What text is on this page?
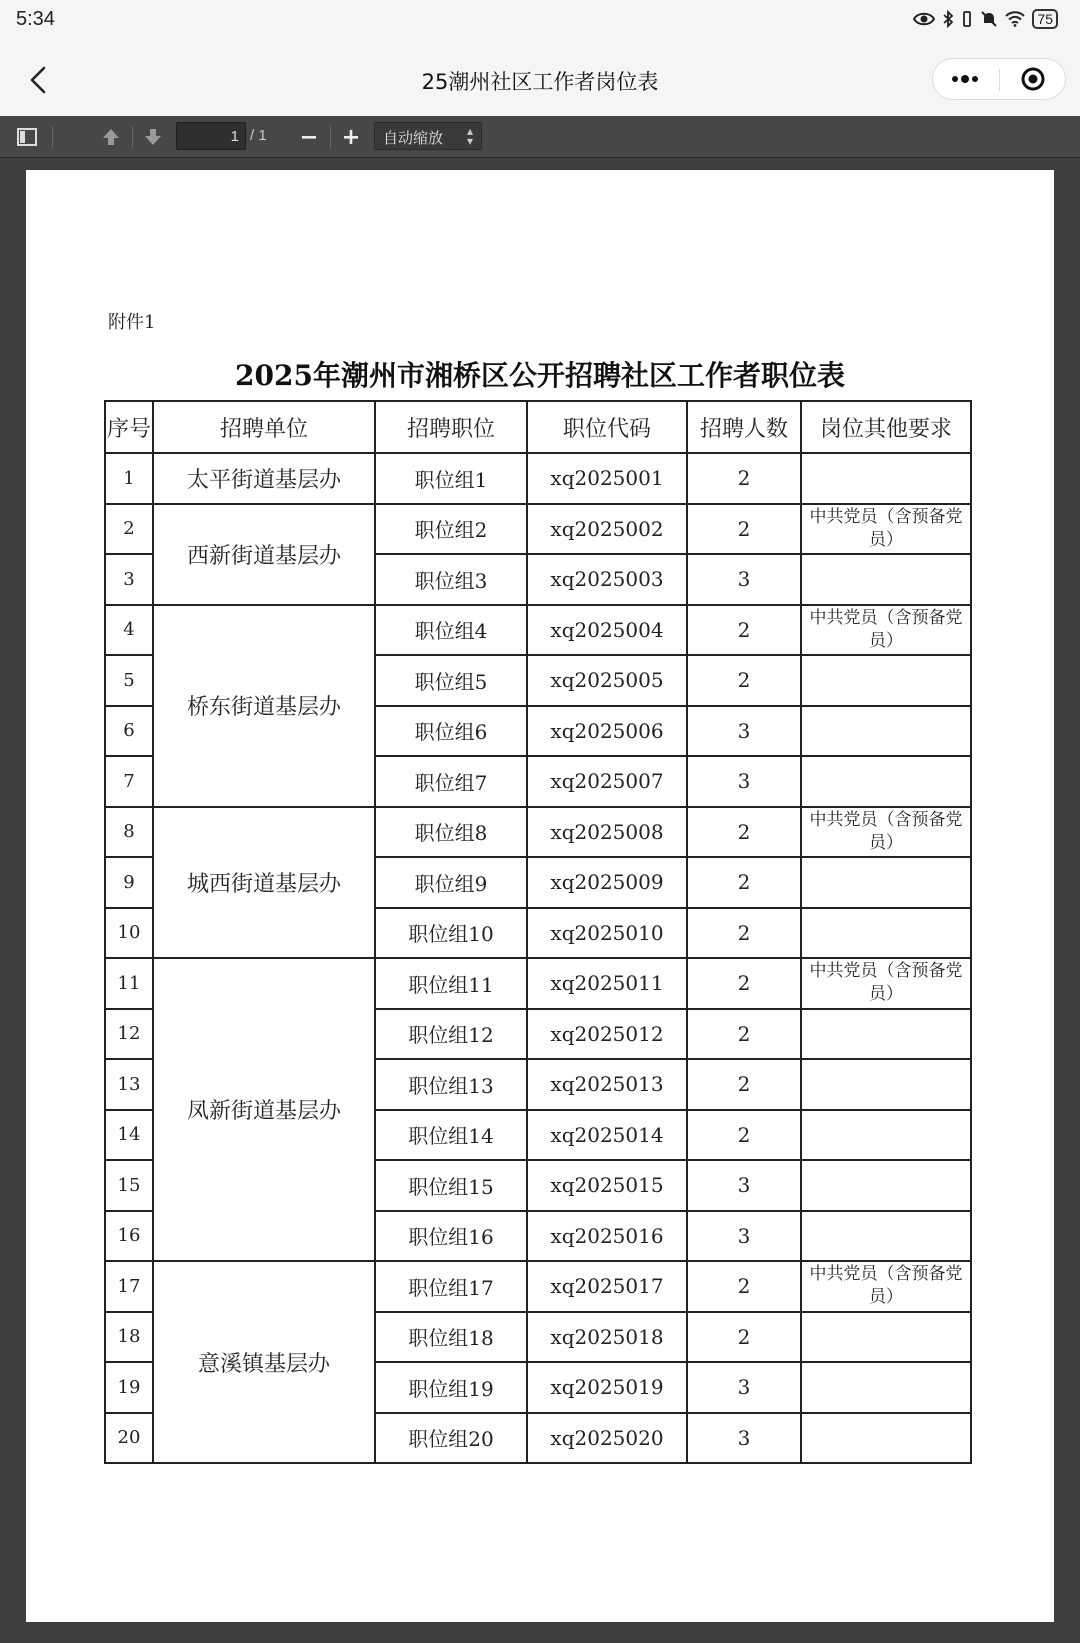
5:34	75
25潮州社区工作者岗位表
1
/ 1	自动缩放 ▴
▾
附件1
2025年潮州市湘桥区公开招聘社区工作者职位表
序号	招聘单位	招聘职位	职位代码	招聘人数	岗位其他要求
1	太平街道基层办	职位组1	xq2025001	2	
2	西新街道基层办	职位组2	xq2025002	2	中共党员（含预备党员）
3		职位组3	xq2025003	3	
4	桥东街道基层办	职位组4	xq2025004	2	中共党员（含预备党员）
5		职位组5	xq2025005	2	
6		职位组6	xq2025006	3	
7		职位组7	xq2025007	3	
8	城西街道基层办	职位组8	xq2025008	2	中共党员（含预备党员）
9		职位组9	xq2025009	2	
10		职位组10	xq2025010	2	
11	凤新街道基层办	职位组11	xq2025011	2	中共党员（含预备党员）
12		职位组12	xq2025012	2	
13		职位组13	xq2025013	2	
14		职位组14	xq2025014	2	
15		职位组15	xq2025015	3	
16		职位组16	xq2025016	3	
17	意溪镇基层办	职位组17	xq2025017	2	中共党员（含预备党员）
18		职位组18	xq2025018	2	
19		职位组19	xq2025019	3	
20		职位组20	xq2025020	3	
